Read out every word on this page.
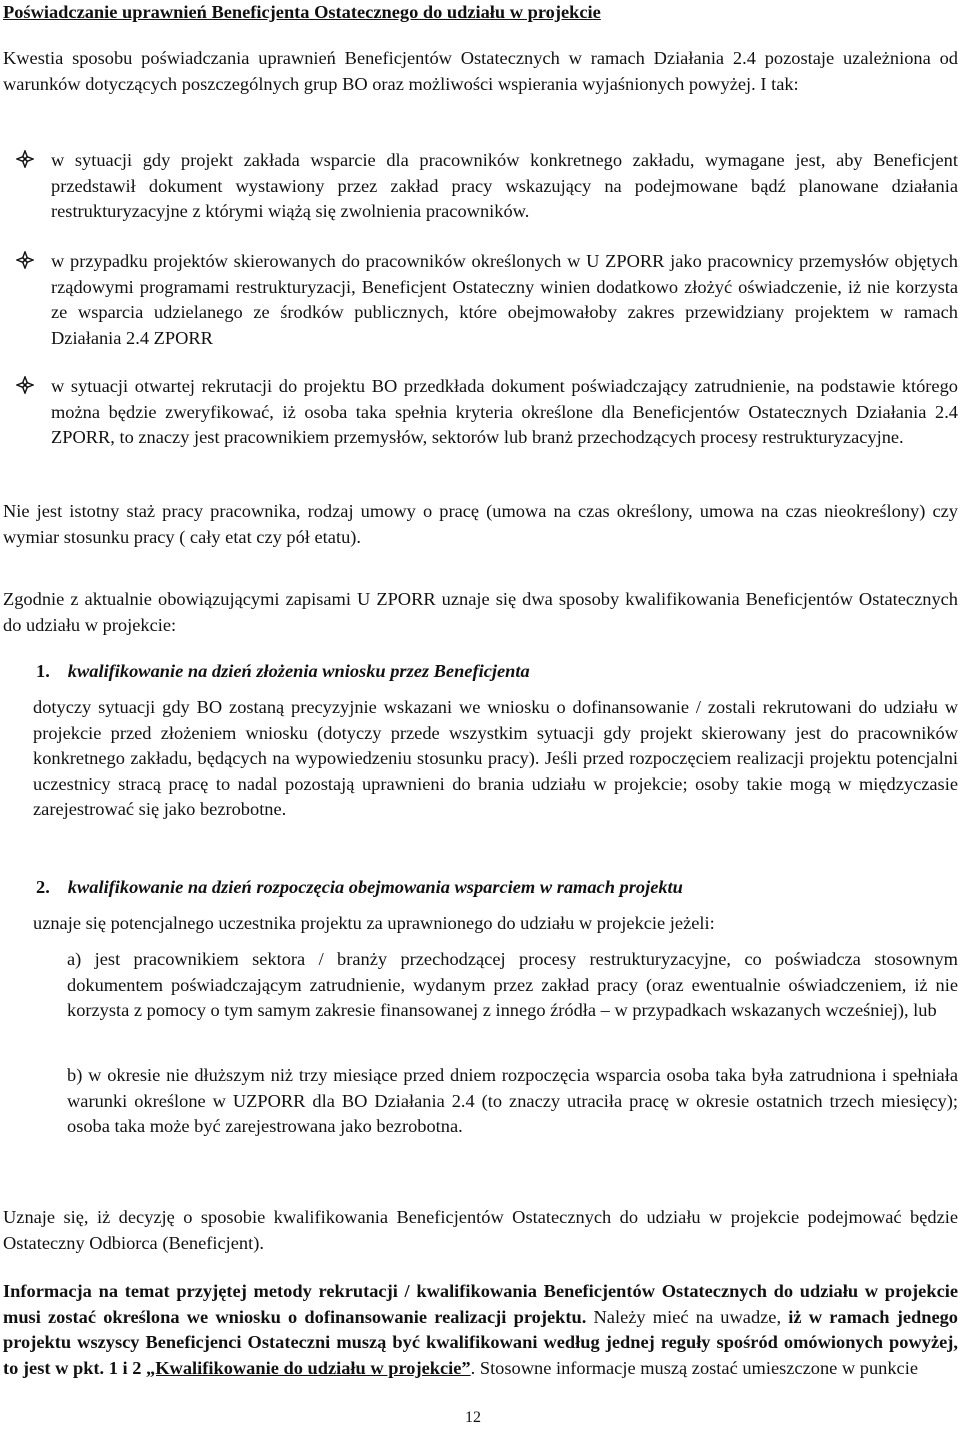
Poświadczanie uprawnień Beneficjenta Ostatecznego do udziału w projekcie

Kwestia sposobu poświadczania uprawnień Beneficjentów Ostatecznych w ramach Działania 2.4 pozostaje uzależniona od warunków dotyczących poszczególnych grup BO oraz możliwości wspierania wyjaśnionych powyżej. I tak:

w sytuacji gdy projekt zakłada wsparcie dla pracowników konkretnego zakładu, wymagane jest, aby Beneficjent przedstawił dokument wystawiony przez zakład pracy wskazujący na podejmowane bądź planowane działania restrukturyzacyjne z którymi wiążą się zwolnienia pracowników.

w przypadku projektów skierowanych do pracowników określonych w U ZPORR jako pracownicy przemysłów objętych rządowymi programami restrukturyzacji, Beneficjent Ostateczny winien dodatkowo złożyć oświadczenie, iż nie korzysta ze wsparcia udzielanego ze środków publicznych, które obejmowałoby zakres przewidziany projektem w ramach Działania 2.4 ZPORR

w sytuacji otwartej rekrutacji do projektu BO przedkłada dokument poświadczający zatrudnienie, na podstawie którego można będzie zweryfikować, iż osoba taka spełnia kryteria określone dla Beneficjentów Ostatecznych Działania 2.4 ZPORR, to znaczy jest pracownikiem przemysłów, sektorów lub branż przechodzących procesy restrukturyzacyjne.

Nie jest istotny staż pracy pracownika, rodzaj umowy o pracę (umowa na czas określony, umowa na czas nieokreślony) czy wymiar stosunku pracy ( cały etat czy pół etatu).

Zgodnie z aktualnie obowiązującymi zapisami U ZPORR uznaje się dwa sposoby kwalifikowania Beneficjentów Ostatecznych do udziału w projekcie:

1. kwalifikowanie na dzień złożenia wniosku przez Beneficjenta

dotyczy sytuacji gdy BO zostaną precyzyjnie wskazani we wniosku o dofinansowanie / zostali rekrutowani do udziału w projekcie przed złożeniem wniosku (dotyczy przede wszystkim sytuacji gdy projekt skierowany jest do pracowników konkretnego zakładu, będących na wypowiedzeniu stosunku pracy). Jeśli przed rozpoczęciem realizacji projektu potencjalni uczestnicy stracą pracę to nadal pozostają uprawnieni do brania udziału w projekcie; osoby takie mogą w międzyczasie zarejestrować się jako bezrobotne.

2. kwalifikowanie na dzień rozpoczęcia obejmowania wsparciem w ramach projektu

uznaje się potencjalnego uczestnika projektu za uprawnionego do udziału w projekcie jeżeli:

a) jest pracownikiem sektora / branży przechodzącej procesy restrukturyzacyjne, co poświadcza stosownym dokumentem poświadczającym zatrudnienie, wydanym przez zakład pracy (oraz ewentualnie oświadczeniem, iż nie korzysta z pomocy o tym samym zakresie finansowanej z innego źródła – w przypadkach wskazanych wcześniej), lub

b) w okresie nie dłuższym niż trzy miesiące przed dniem rozpoczęcia wsparcia osoba taka była zatrudniona i spełniała warunki określone w UZPORR dla BO Działania 2.4 (to znaczy utraciła pracę w okresie ostatnich trzech miesięcy); osoba taka może być zarejestrowana jako bezrobotna.

Uznaje się, iż decyzję o sposobie kwalifikowania Beneficjentów Ostatecznych do udziału w projekcie podejmować będzie Ostateczny Odbiorca (Beneficjent).

Informacja na temat przyjętej metody rekrutacji / kwalifikowania Beneficjentów Ostatecznych do udziału w projekcie musi zostać określona we wniosku o dofinansowanie realizacji projektu. Należy mieć na uwadze, iż w ramach jednego projektu wszyscy Beneficjenci Ostateczni muszą być kwalifikowani według jednej reguły spośród omówionych powyżej, to jest w pkt. 1 i 2 „Kwalifikowanie do udziału w projekcie”. Stosowne informacje muszą zostać umieszczone w punkcie

12
